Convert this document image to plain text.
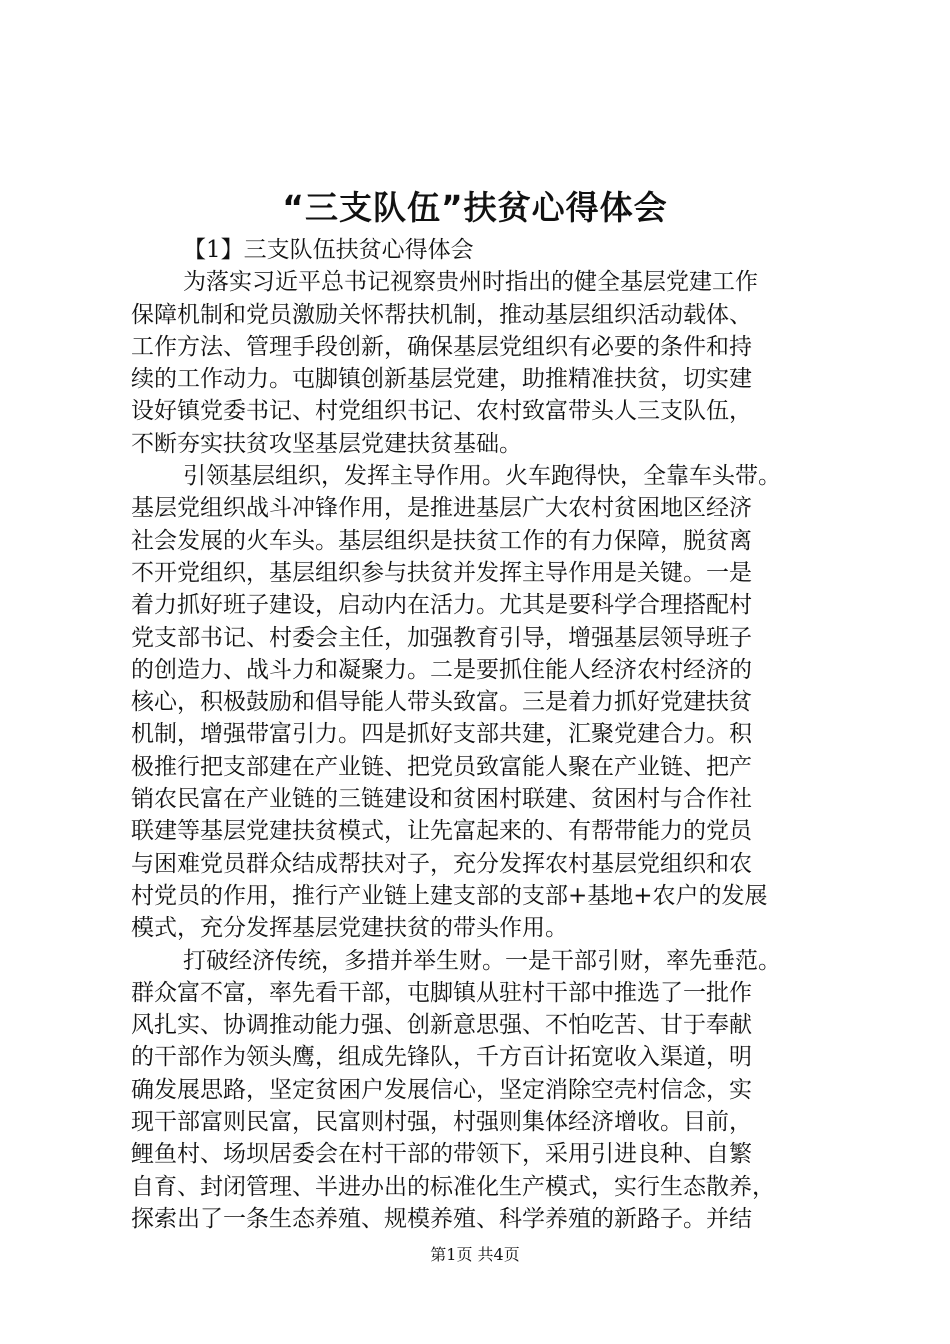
“三支队伍”扶贫心得体会
【1】三支队伍扶贫心得体会
为落实习近平总书记视察贵州时指出的健全基层党建工作
保障机制和党员激励关怀帮扶机制，推动基层组织活动载体、
工作方法、管理手段创新，确保基层党组织有必要的条件和持
续的工作动力。屯脚镇创新基层党建，助推精准扶贫，切实建
设好镇党委书记、村党组织书记、农村致富带头人三支队伍，
不断夯实扶贫攻坚基层党建扶贫基础。
引领基层组织，发挥主导作用。火车跑得快，全靠车头带。
基层党组织战斗冲锋作用，是推进基层广大农村贫困地区经济
社会发展的火车头。基层组织是扶贫工作的有力保障，脱贫离
不开党组织，基层组织参与扶贫并发挥主导作用是关键。一是
着力抓好班子建设，启动内在活力。尤其是要科学合理搭配村
党支部书记、村委会主任，加强教育引导，增强基层领导班子
的创造力、战斗力和凝聚力。二是要抓住能人经济农村经济的
核心，积极鼓励和倡导能人带头致富。三是着力抓好党建扶贫
机制，增强带富引力。四是抓好支部共建，汇聚党建合力。积
极推行把支部建在产业链、把党员致富能人聚在产业链、把产
销农民富在产业链的三链建设和贫困村联建、贫困村与合作社
联建等基层党建扶贫模式，让先富起来的、有帮带能力的党员
与困难党员群众结成帮扶对子，充分发挥农村基层党组织和农
村党员的作用，推行产业链上建支部的支部+基地+农户的发展
模式，充分发挥基层党建扶贫的带头作用。
打破经济传统，多措并举生财。一是干部引财，率先垂范。
群众富不富，率先看干部，屯脚镇从驻村干部中推选了一批作
风扎实、协调推动能力强、创新意思强、不怕吃苦、甘于奉献
的干部作为领头鹰，组成先锋队，千方百计拓宽收入渠道，明
确发展思路，坚定贫困户发展信心，坚定消除空壳村信念，实
现干部富则民富，民富则村强，村强则集体经济增收。目前，
鲤鱼村、场坝居委会在村干部的带领下，采用引进良种、自繁
自育、封闭管理、半进办出的标准化生产模式，实行生态散养，
探索出了一条生态养殖、规模养殖、科学养殖的新路子。并结
第1页 共4页
